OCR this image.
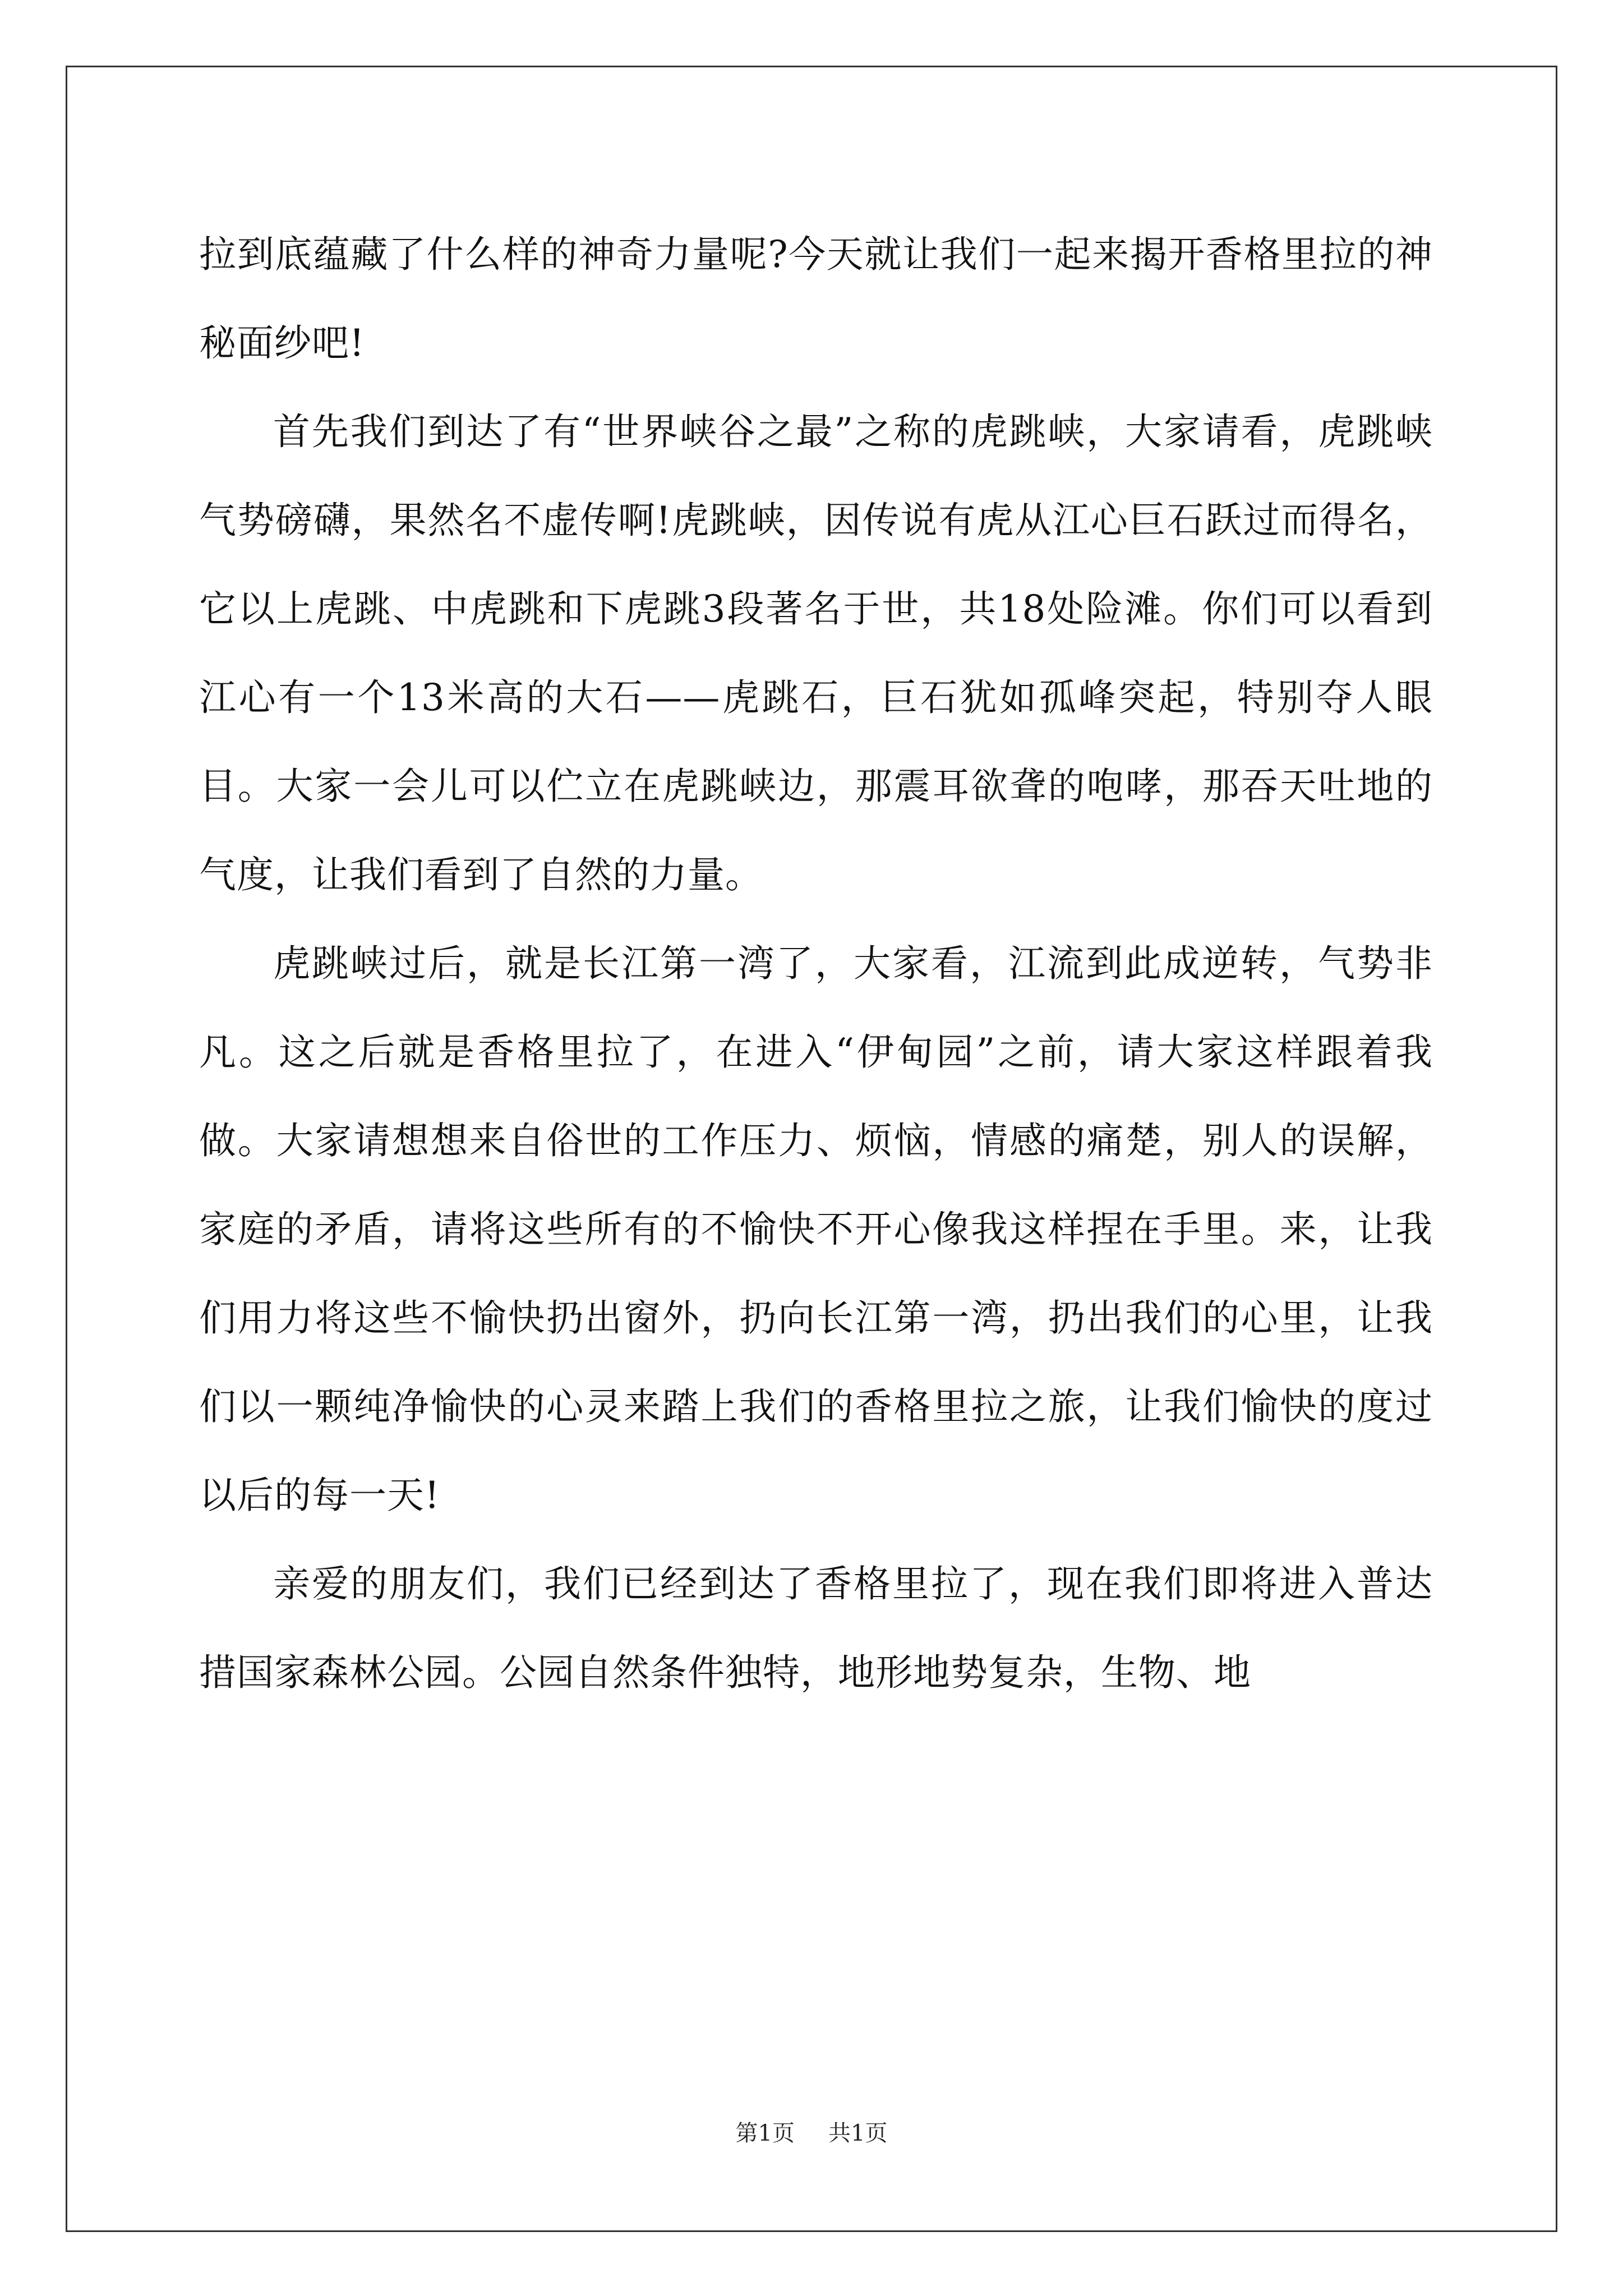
拉到底蕴藏了什么样的神奇力量呢?今天就让我们一起来揭开香格里拉的神秘面纱吧!

首先我们到达了有“世界峡谷之最”之称的虎跳峡，大家请看，虎跳峡气势磅礴，果然名不虚传啊!虎跳峡，因传说有虎从江心巨石跃过而得名，它以上虎跳、中虎跳和下虎跳3段著名于世，共18处险滩。你们可以看到江心有一个13米高的大石——虎跳石，巨石犹如孤峰突起，特别夺人眼目。大家一会儿可以伫立在虎跳峡边，那震耳欲聋的咆哮，那吞天吐地的气度，让我们看到了自然的力量。

虎跳峡过后，就是长江第一湾了，大家看，江流到此成逆转，气势非凡。这之后就是香格里拉了，在进入“伊甸园”之前，请大家这样跟着我做。大家请想想来自俗世的工作压力、烦恼，情感的痛楚，别人的误解，家庭的矛盾，请将这些所有的不愉快不开心像我这样捏在手里。来，让我们用力将这些不愉快扔出窗外，扔向长江第一湾，扔出我们的心里，让我们以一颗纯净愉快的心灵来踏上我们的香格里拉之旅，让我们愉快的度过以后的每一天!

亲爱的朋友们，我们已经到达了香格里拉了，现在我们即将进入普达措国家森林公园。公园自然条件独特，地形地势复杂，生物、地

第1页 共1页
